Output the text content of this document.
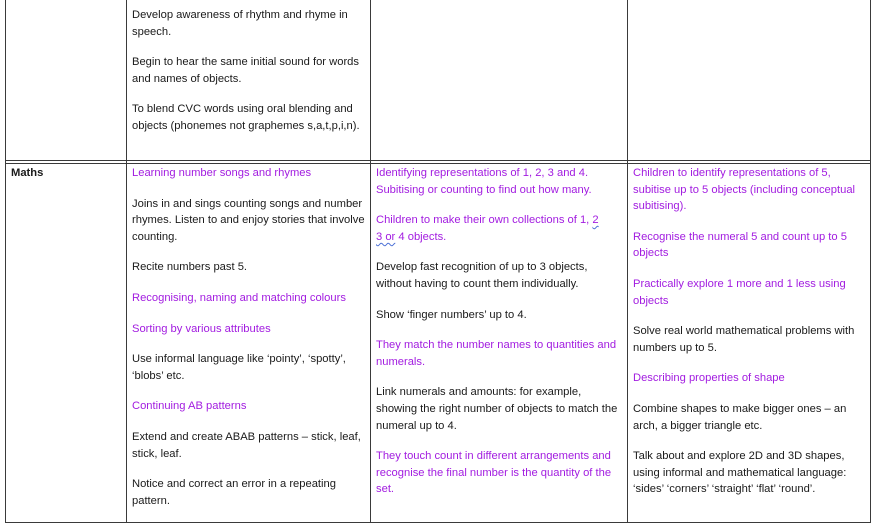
Develop awareness of rhythm and rhyme in speech.

Begin to hear the same initial sound for words and names of objects.

To blend CVC words using oral blending and objects (phonemes not graphemes s,a,t,p,i,n).

Maths	Learning number songs and rhymes

Joins in and sings counting songs and number rhymes. Listen to and enjoy stories that involve counting.

Recite numbers past 5.

Recognising, naming and matching colours

Sorting by various attributes

Use informal language like ‘pointy’, ‘spotty’, ‘blobs’ etc.

Continuing AB patterns

Extend and create ABAB patterns – stick, leaf, stick, leaf.

Notice and correct an error in a repeating pattern.

Identifying representations of 1, 2, 3 and 4.
Subitising or counting to find out how many.

Children to make their own collections of 1, 2
3 or 4 objects.

Develop fast recognition of up to 3 objects, without having to count them individually.

Show ‘finger numbers’ up to 4.

They match the number names to quantities and numerals.

Link numerals and amounts: for example, showing the right number of objects to match the numeral up to 4.

They touch count in different arrangements and recognise the final number is the quantity of the set.

Children to identify representations of 5, subitise up to 5 objects (including conceptual subitising).

Recognise the numeral 5 and count up to 5 objects

Practically explore 1 more and 1 less using objects

Solve real world mathematical problems with numbers up to 5.

Describing properties of shape

Combine shapes to make bigger ones – an arch, a bigger triangle etc.

Talk about and explore 2D and 3D shapes, using informal and mathematical language: ‘sides’ ‘corners’ ‘straight’ ‘flat’ ‘round’.
